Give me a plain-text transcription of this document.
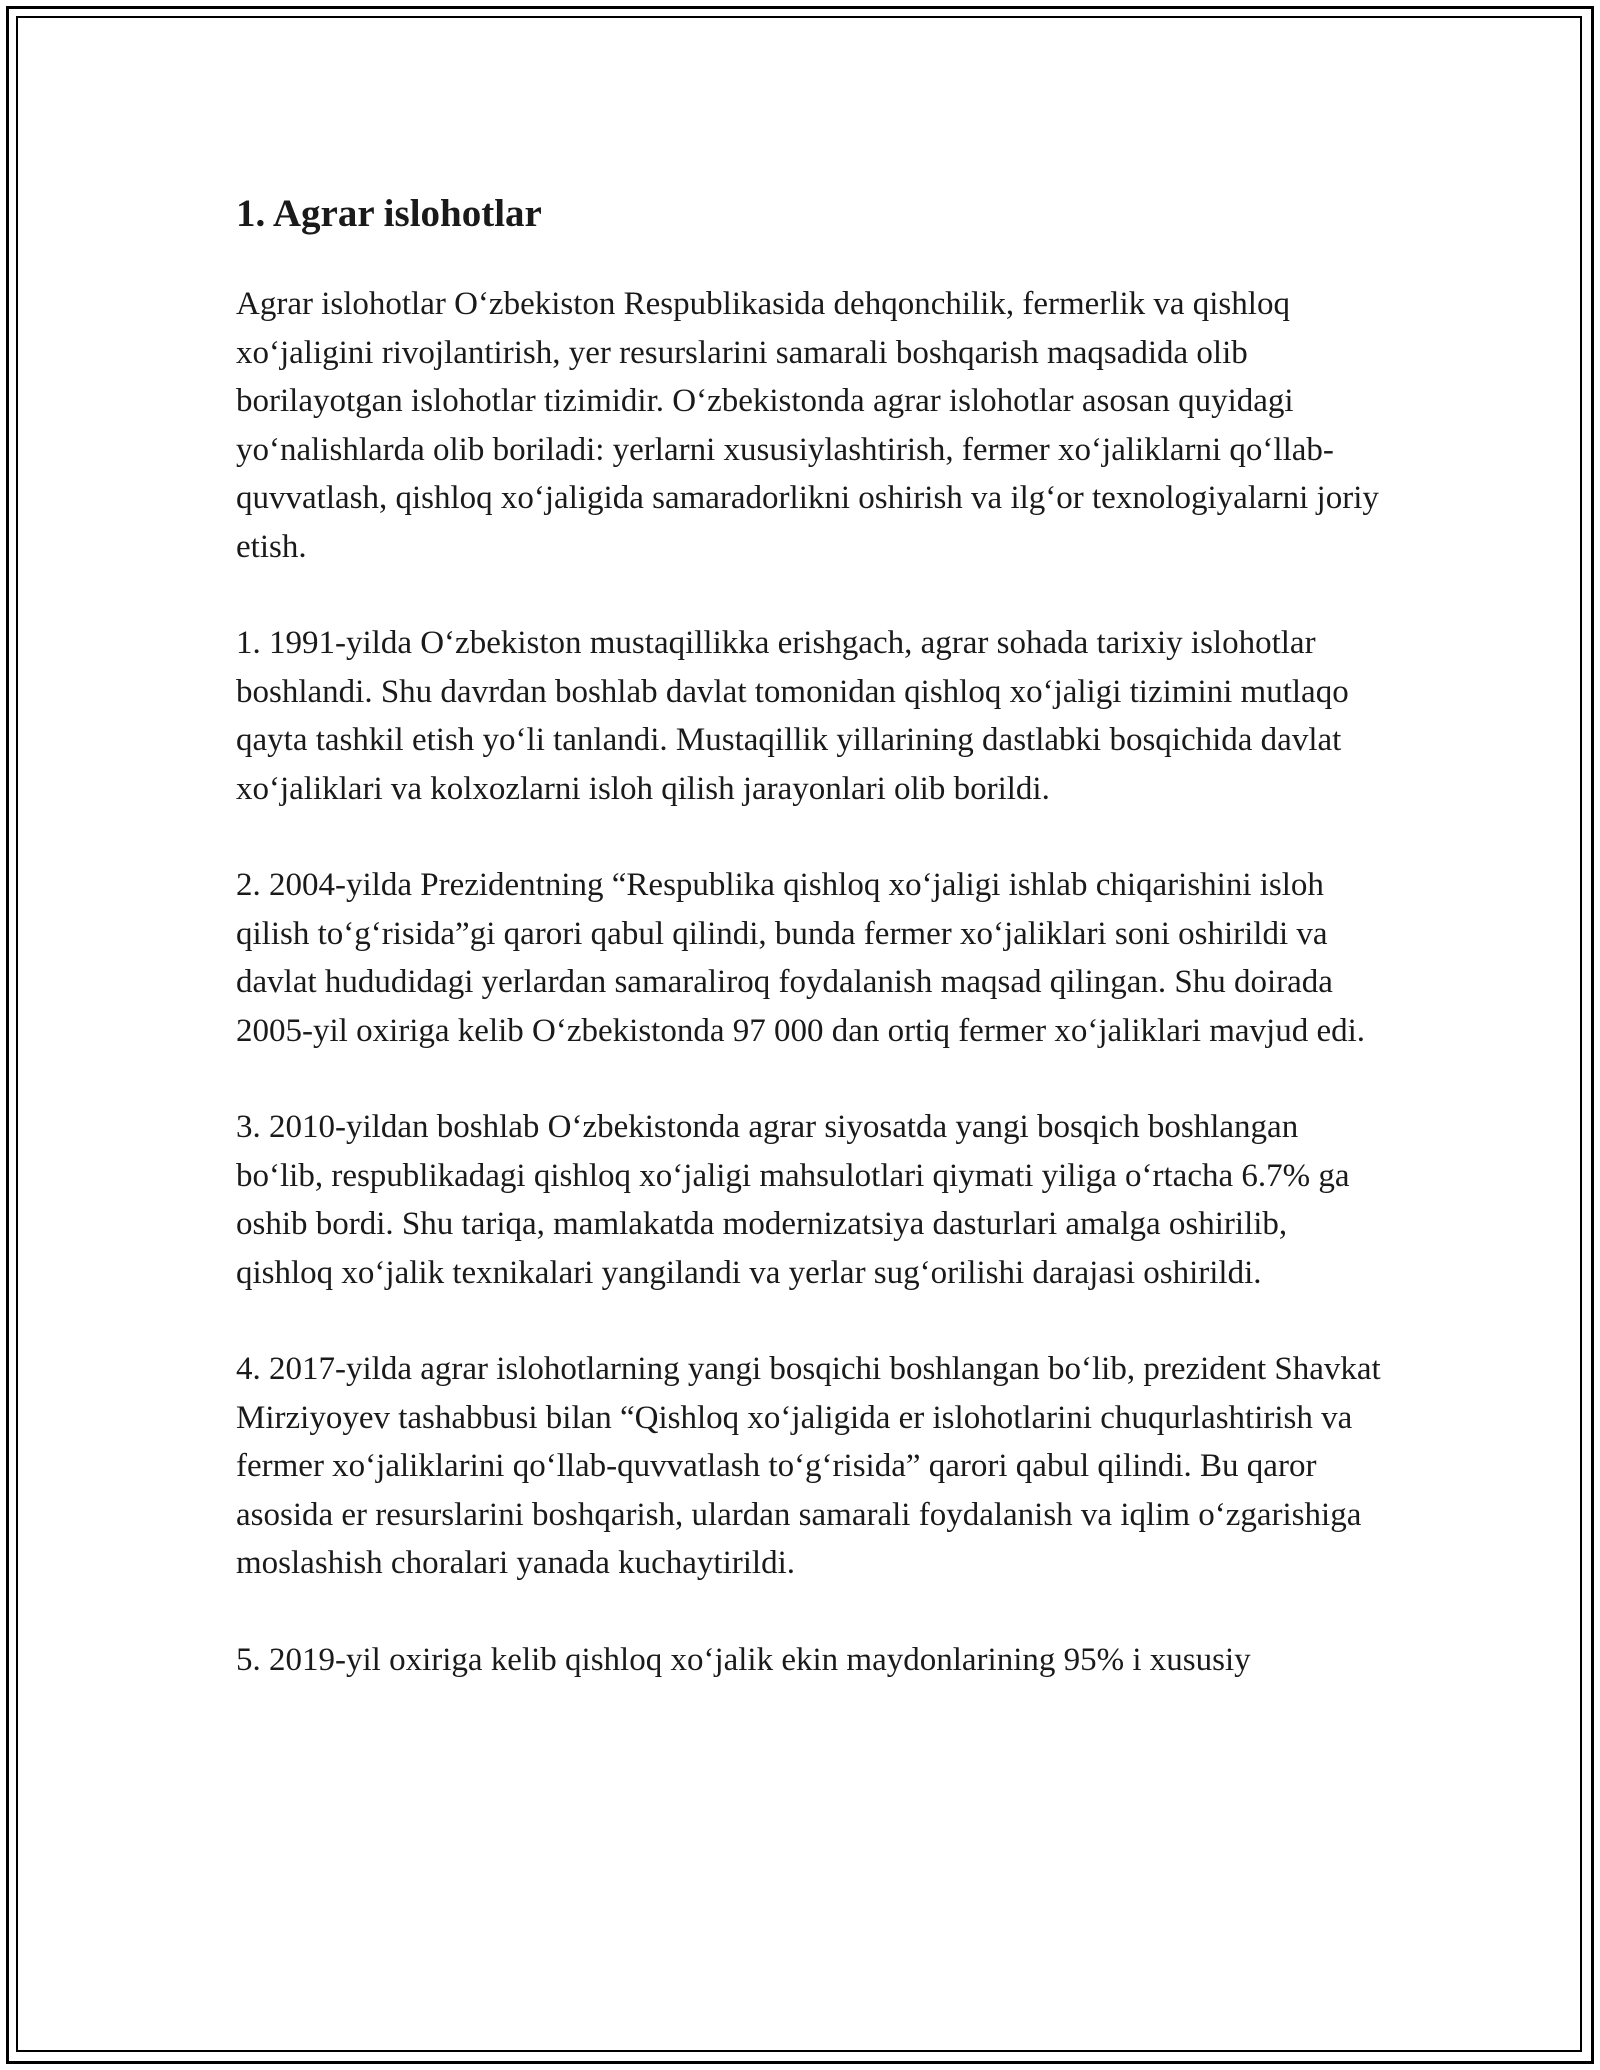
1. Agrar islohotlar

Agrar islohotlar O‘zbekiston Respublikasida dehqonchilik, fermerlik va qishloq xo‘jaligini rivojlantirish, yer resurslarini samarali boshqarish maqsadida olib borilayotgan islohotlar tizimidir. O‘zbekistonda agrar islohotlar asosan quyidagi yo‘nalishlarda olib boriladi: yerlarni xususiylashtirish, fermer xo‘jaliklarni qo‘llab-quvvatlash, qishloq xo‘jaligida samaradorlikni oshirish va ilg‘or texnologiyalarni joriy etish.

1. 1991-yilda O‘zbekiston mustaqillikka erishgach, agrar sohada tarixiy islohotlar boshlandi. Shu davrdan boshlab davlat tomonidan qishloq xo‘jaligi tizimini mutlaqo qayta tashkil etish yo‘li tanlandi. Mustaqillik yillarining dastlabki bosqichida davlat xo‘jaliklari va kolxozlarni isloh qilish jarayonlari olib borildi.

2. 2004-yilda Prezidentning “Respublika qishloq xo‘jaligi ishlab chiqarishini isloh qilish to‘g‘risida”gi qarori qabul qilindi, bunda fermer xo‘jaliklari soni oshirildi va davlat hududidagi yerlardan samaraliroq foydalanish maqsad qilingan. Shu doirada 2005-yil oxiriga kelib O‘zbekistonda 97 000 dan ortiq fermer xo‘jaliklari mavjud edi.

3. 2010-yildan boshlab O‘zbekistonda agrar siyosatda yangi bosqich boshlangan bo‘lib, respublikadagi qishloq xo‘jaligi mahsulotlari qiymati yiliga o‘rtacha 6.7% ga oshib bordi. Shu tariqa, mamlakatda modernizatsiya dasturlari amalga oshirilib, qishloq xo‘jalik texnikalari yangilandi va yerlar sug‘orilishi darajasi oshirildi.

4. 2017-yilda agrar islohotlarning yangi bosqichi boshlangan bo‘lib, prezident Shavkat Mirziyoyev tashabbusi bilan “Qishloq xo‘jaligida er islohotlarini chuqurlashtirish va fermer xo‘jaliklarini qo‘llab-quvvatlash to‘g‘risida” qarori qabul qilindi. Bu qaror asosida er resurslarini boshqarish, ulardan samarali foydalanish va iqlim o‘zgarishiga moslashish choralari yanada kuchaytirildi.

5. 2019-yil oxiriga kelib qishloq xo‘jalik ekin maydonlarining 95% i xususiy
